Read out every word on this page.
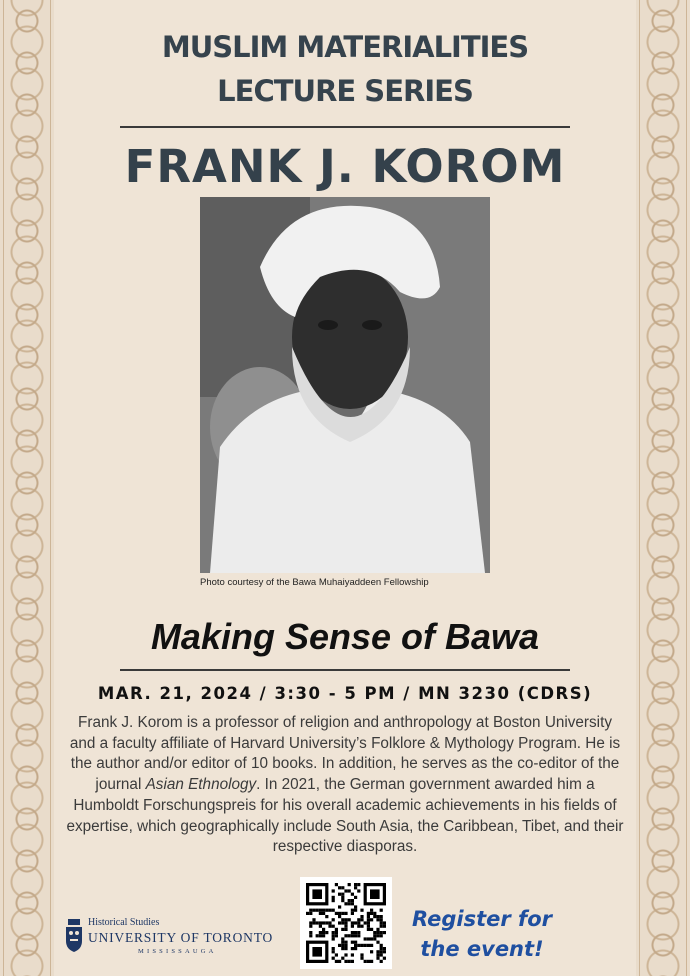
MUSLIM MATERIALITIES
LECTURE SERIES
FRANK J. KOROM
Photo courtesy of the Bawa Muhaiyaddeen Fellowship
Making Sense of Bawa
MAR. 21, 2024 / 3:30 - 5 PM / MN 3230 (CDRS)

Frank J. Korom is a professor of religion and anthropology at Boston University and a faculty affiliate of Harvard University’s Folklore & Mythology Program. He is the author and/or editor of 10 books. In addition, he serves as the co-editor of the journal Asian Ethnology. In 2021, the German government awarded him a Humboldt Forschungspreis for his overall academic achievements in his fields of expertise, which geographically include South Asia, the Caribbean, Tibet, and their respective diasporas.

Historical Studies
UNIVERSITY OF TORONTO
MISSISSAUGA
Register for
the event!
